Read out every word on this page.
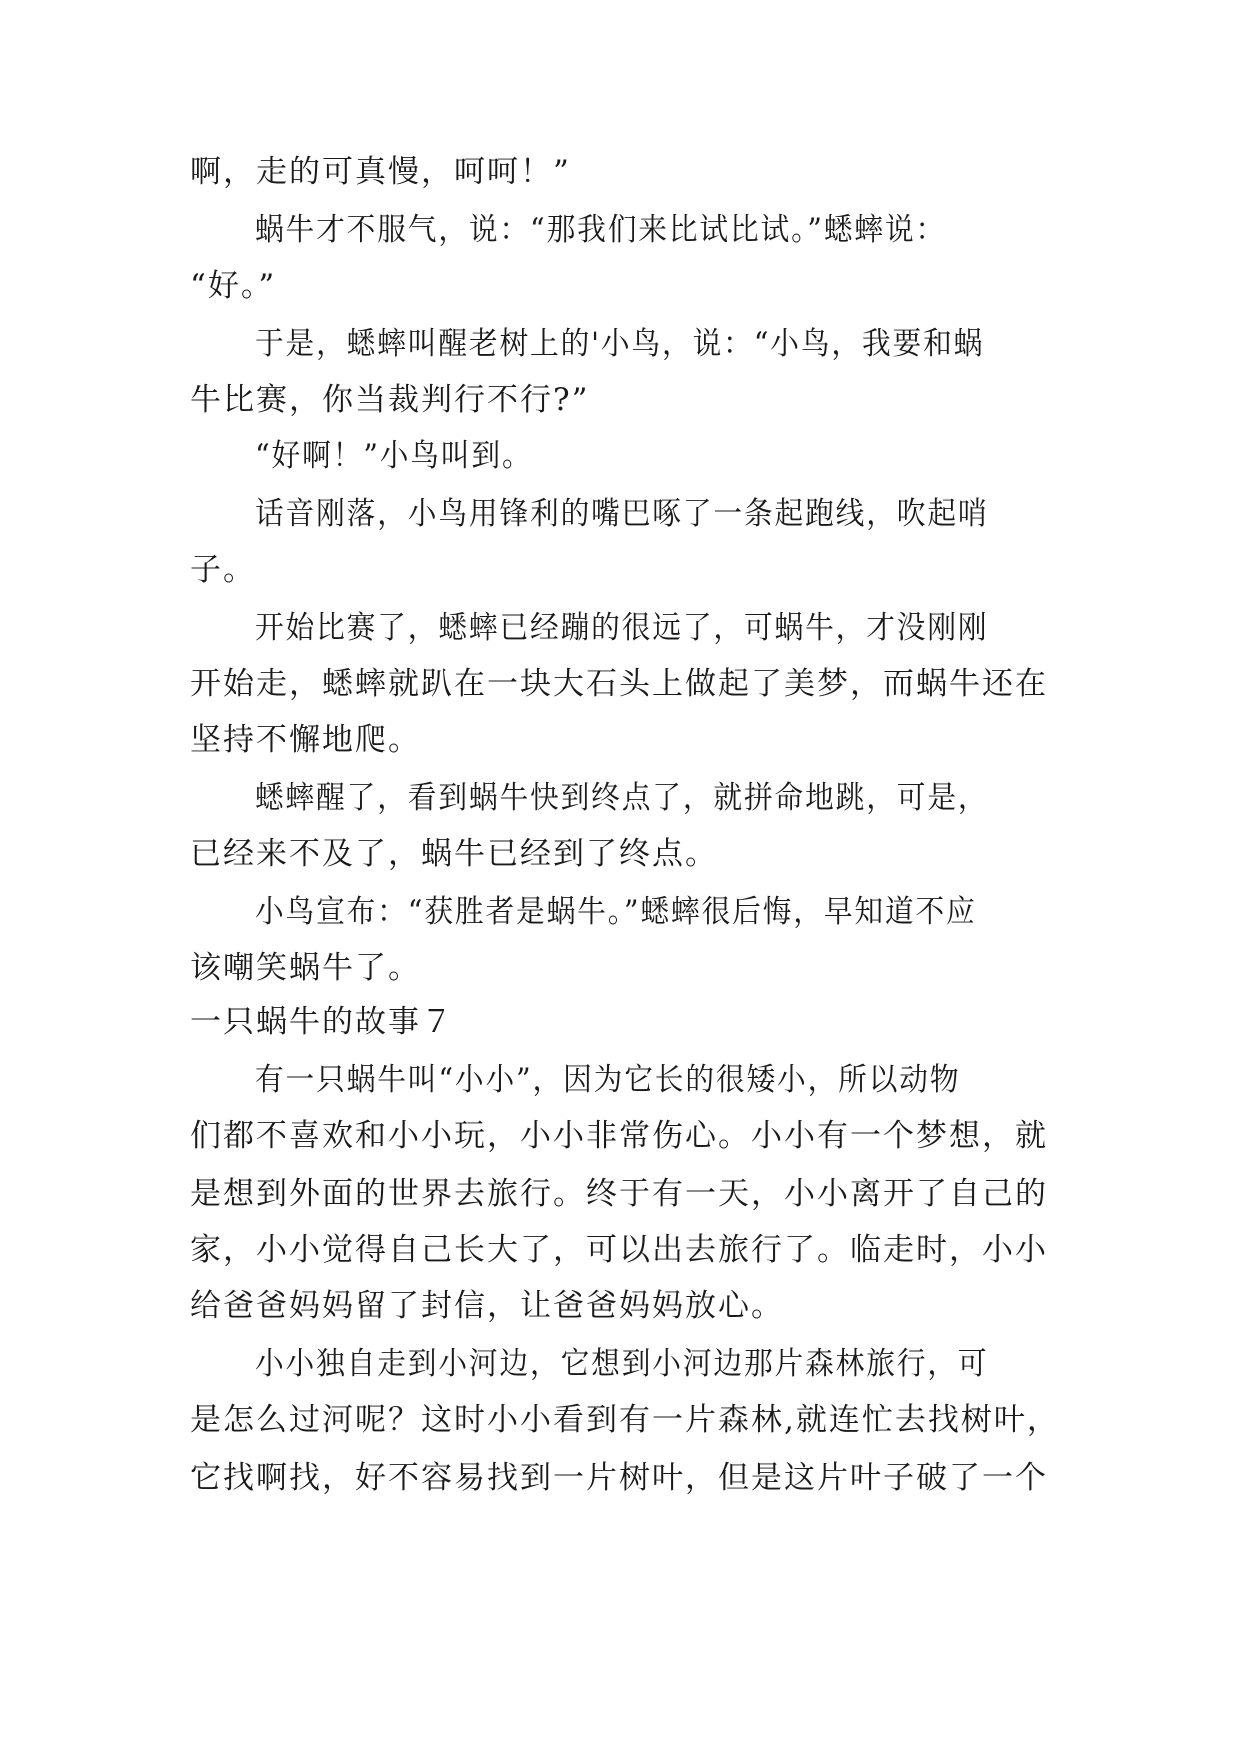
啊，走的可真慢，呵呵！”
蜗牛才不服气，说：“那我们来比试比试。”蟋蟀说：
“好。”
于是，蟋蟀叫醒老树上的'小鸟，说：“小鸟，我要和蜗
牛比赛，你当裁判行不行?”
“好啊！”小鸟叫到。
话音刚落，小鸟用锋利的嘴巴啄了一条起跑线，吹起哨
子。
开始比赛了，蟋蟀已经蹦的很远了，可蜗牛，才没刚刚
开始走，蟋蟀就趴在一块大石头上做起了美梦，而蜗牛还在
坚持不懈地爬。
蟋蟀醒了，看到蜗牛快到终点了，就拼命地跳，可是，
已经来不及了，蜗牛已经到了终点。
小鸟宣布：“获胜者是蜗牛。”蟋蟀很后悔，早知道不应
该嘲笑蜗牛了。
一只蜗牛的故事７
有一只蜗牛叫“小小”，因为它长的很矮小，所以动物
们都不喜欢和小小玩，小小非常伤心。小小有一个梦想，就
是想到外面的世界去旅行。终于有一天，小小离开了自己的
家，小小觉得自己长大了，可以出去旅行了。临走时，小小
给爸爸妈妈留了封信，让爸爸妈妈放心。
小小独自走到小河边，它想到小河边那片森林旅行，可
是怎么过河呢？这时小小看到有一片森林,就连忙去找树叶，
它找啊找，好不容易找到一片树叶，但是这片叶子破了一个
